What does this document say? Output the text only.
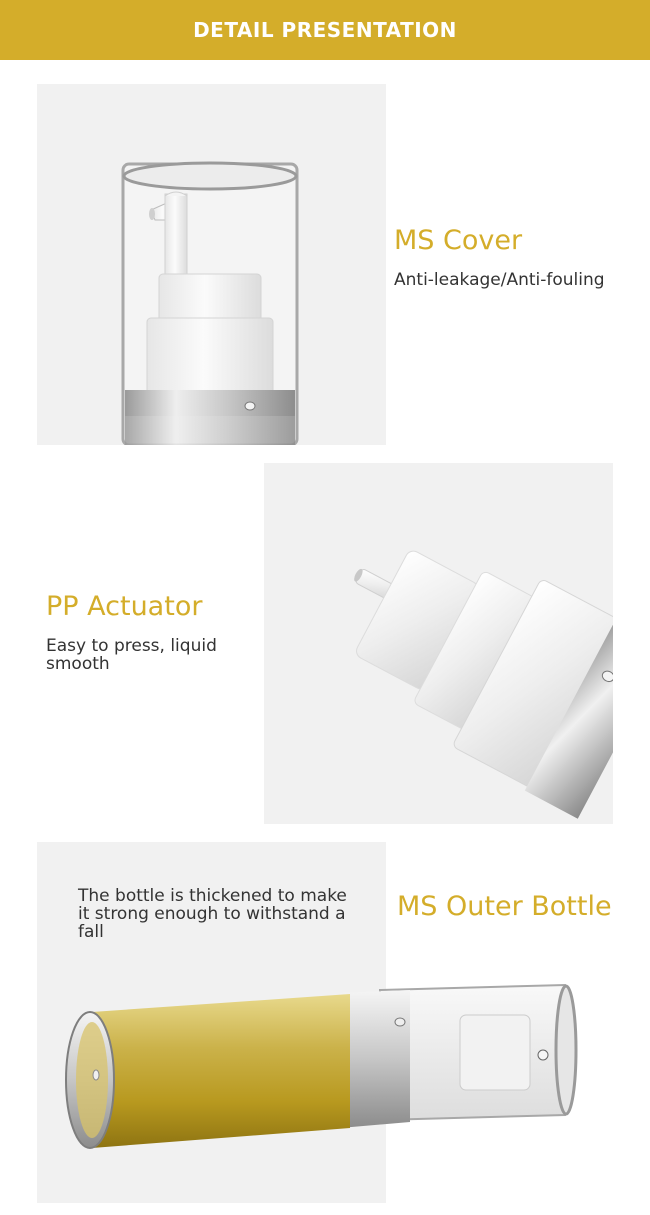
DETAIL PRESENTATION
MS Cover
Anti-leakage/Anti-fouling
PP Actuator
Easy to press, liquid smooth
The bottle is thickened to make it strong enough to withstand a fall
MS Outer Bottle
